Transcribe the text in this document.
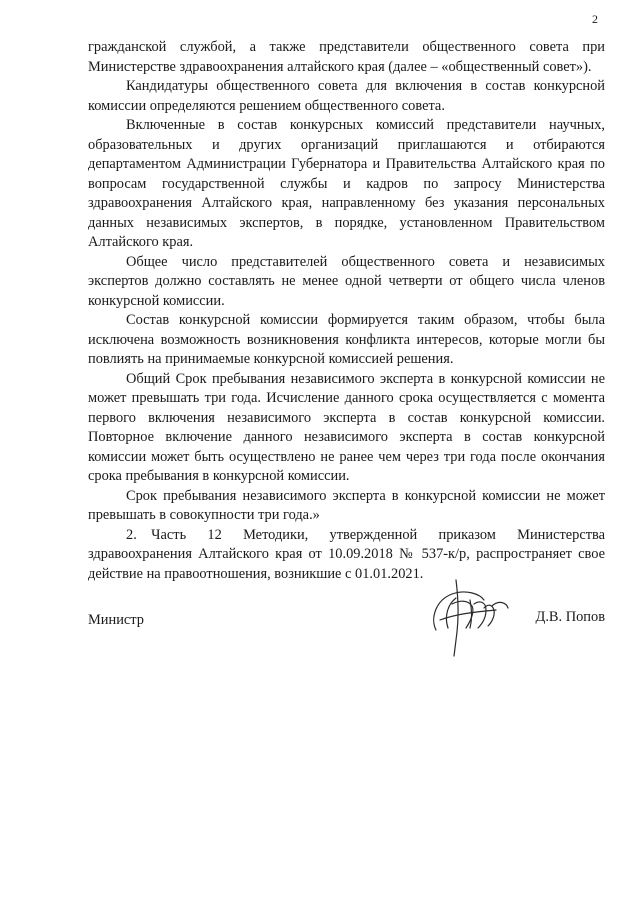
2

гражданской службой, а также представители общественного совета при Министерстве здравоохранения алтайского края (далее – «общественный совет»).

Кандидатуры общественного совета для включения в состав конкурсной комиссии определяются решением общественного совета.

Включенные в состав конкурсных комиссий представители научных, образовательных и других организаций приглашаются и отбираются департаментом Администрации Губернатора и Правительства Алтайского края по вопросам государственной службы и кадров по запросу Министерства здравоохранения Алтайского края, направленному без указания персональных данных независимых экспертов, в порядке, установленном Правительством Алтайского края.

Общее число представителей общественного совета и независимых экспертов должно составлять не менее одной четверти от общего числа членов конкурсной комиссии.

Состав конкурсной комиссии формируется таким образом, чтобы была исключена возможность возникновения конфликта интересов, которые могли бы повлиять на принимаемые конкурсной комиссией решения.

Общий Срок пребывания независимого эксперта в конкурсной комиссии не может превышать три года. Исчисление данного срока осуществляется с момента первого включения независимого эксперта в состав конкурсной комиссии. Повторное включение данного независимого эксперта в состав конкурсной комиссии может быть осуществлено не ранее чем через три года после окончания срока пребывания в конкурсной комиссии.

Срок пребывания независимого эксперта в конкурсной комиссии не может превышать в совокупности три года.»

2. Часть 12 Методики, утвержденной приказом Министерства здравоохранения Алтайского края от 10.09.2018 № 537-к/р, распространяет свое действие на правоотношения, возникшие с 01.01.2021.

Министр	Д.В. Попов
